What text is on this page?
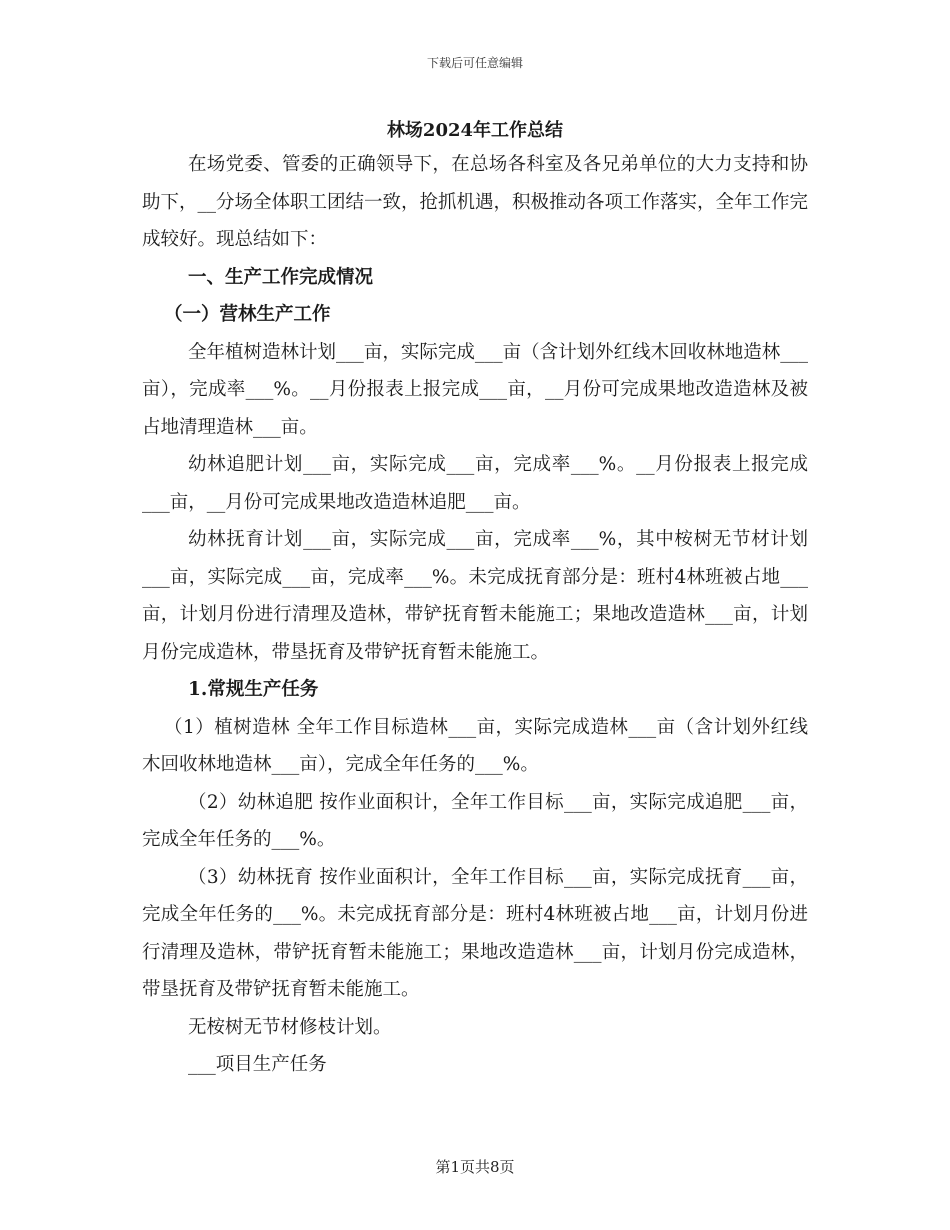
下载后可任意编辑
林场2024年工作总结

在场党委、管委的正确领导下，在总场各科室及各兄弟单位的大力支持和协助下，__分场全体职工团结一致，抢抓机遇，积极推动各项工作落实，全年工作完成较好。现总结如下：

一、生产工作完成情况

（一）营林生产工作

全年植树造林计划___亩，实际完成___亩（含计划外红线木回收林地造林___亩），完成率___%。__月份报表上报完成___亩，__月份可完成果地改造造林及被占地清理造林___亩。

幼林追肥计划___亩，实际完成___亩，完成率___%。__月份报表上报完成___亩，__月份可完成果地改造造林追肥___亩。

幼林抚育计划___亩，实际完成___亩，完成率___%，其中桉树无节材计划___亩，实际完成___亩，完成率___%。未完成抚育部分是：班村4林班被占地___亩，计划月份进行清理及造林，带铲抚育暂未能施工；果地改造造林___亩，计划月份完成造林，带垦抚育及带铲抚育暂未能施工。

1.常规生产任务

（1）植树造林 全年工作目标造林___亩，实际完成造林___亩（含计划外红线木回收林地造林___亩），完成全年任务的___%。

（2）幼林追肥 按作业面积计，全年工作目标___亩，实际完成追肥___亩，完成全年任务的___%。

（3）幼林抚育 按作业面积计，全年工作目标___亩，实际完成抚育___亩，完成全年任务的___%。未完成抚育部分是：班村4林班被占地___亩，计划月份进行清理及造林，带铲抚育暂未能施工；果地改造造林___亩，计划月份完成造林，带垦抚育及带铲抚育暂未能施工。

无桉树无节材修枝计划。

___项目生产任务

第1页共8页
